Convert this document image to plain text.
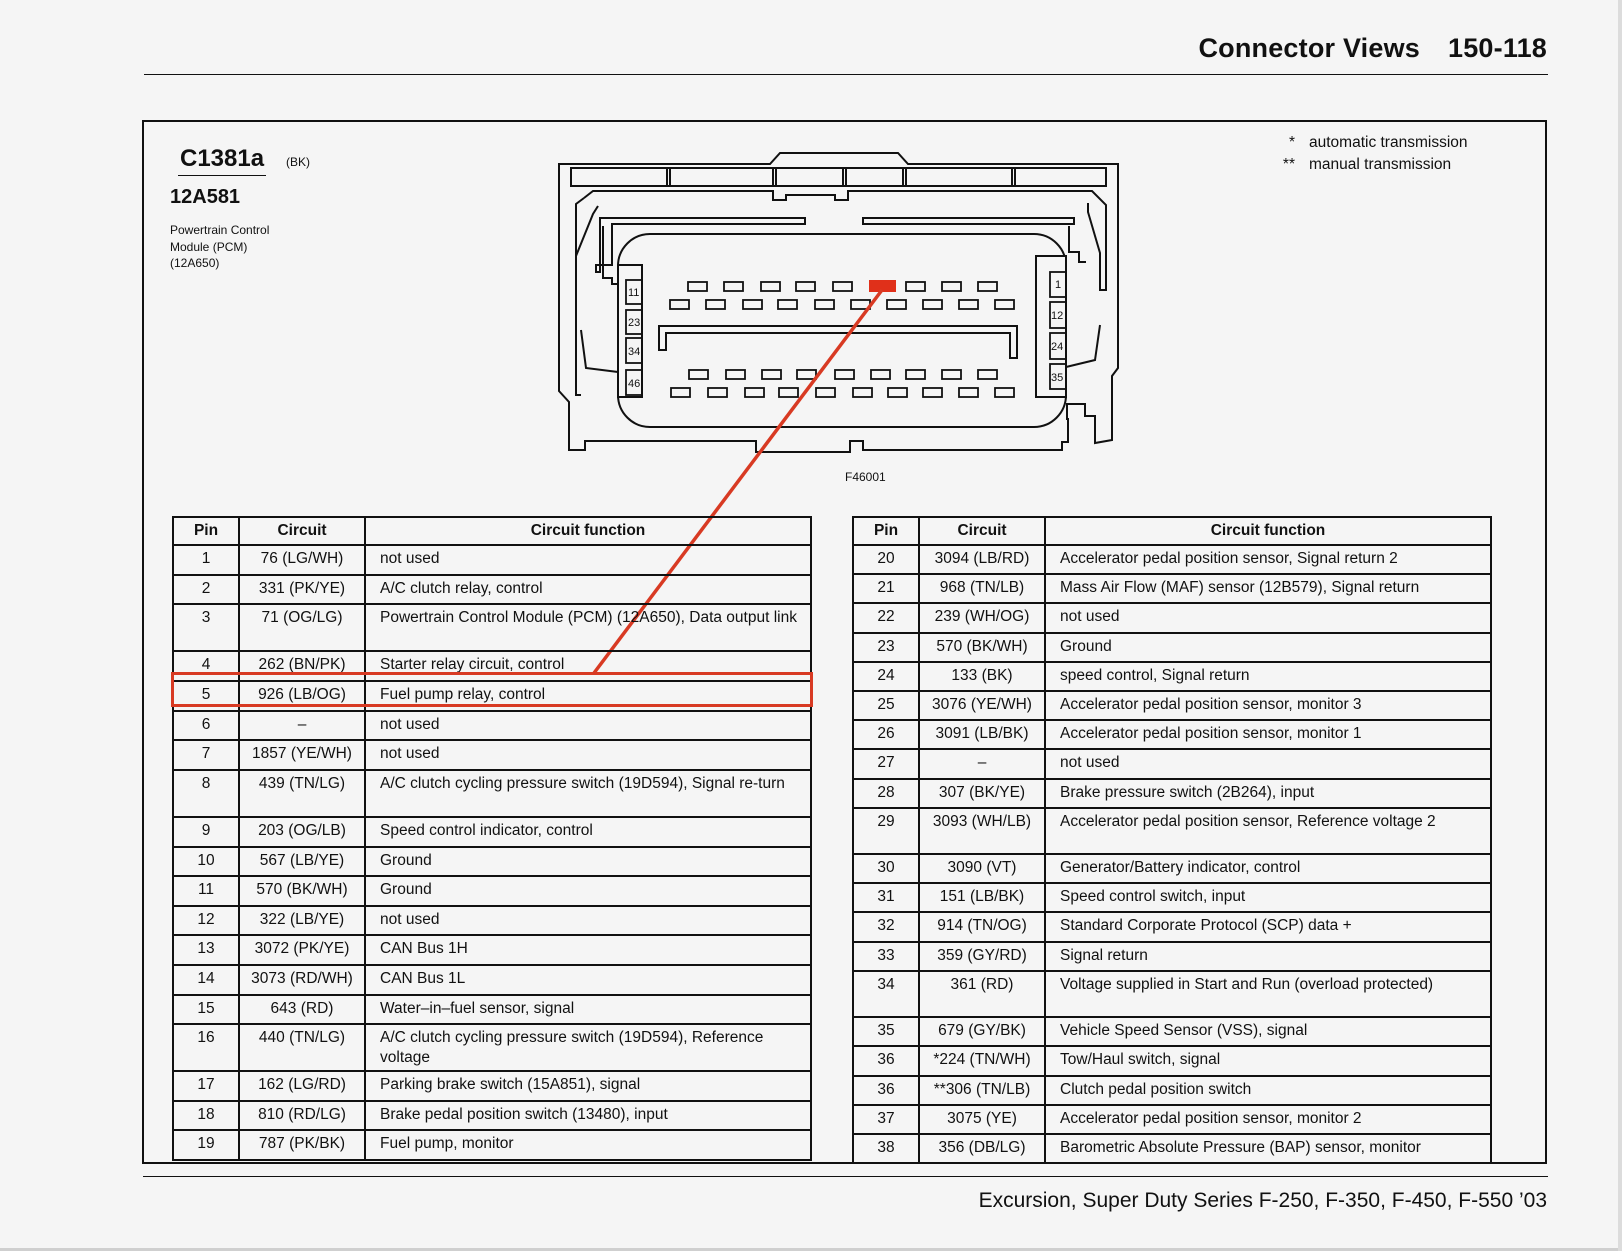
Connector Views 150-118
C1381a (BK)
12A581
Powertrain Control
Module (PCM)
(12A650)
* automatic transmission
** manual transmission
11
23
34
46
1
12
24
35
F46001
Pin	Circuit	Circuit function
1	76 (LG/WH)	not used
2	331 (PK/YE)	A/C clutch relay, control
3	71 (OG/LG)	Powertrain Control Module (PCM) (12A650), Data output link
4	262 (BN/PK)	Starter relay circuit, control
5	926 (LB/OG)	Fuel pump relay, control
6	–	not used
7	1857 (YE/WH)	not used
8	439 (TN/LG)	A/C clutch cycling pressure switch (19D594), Signal re-turn
9	203 (OG/LB)	Speed control indicator, control
10	567 (LB/YE)	Ground
11	570 (BK/WH)	Ground
12	322 (LB/YE)	not used
13	3072 (PK/YE)	CAN Bus 1H
14	3073 (RD/WH)	CAN Bus 1L
15	643 (RD)	Water–in–fuel sensor, signal
16	440 (TN/LG)	A/C clutch cycling pressure switch (19D594), Reference voltage
17	162 (LG/RD)	Parking brake switch (15A851), signal
18	810 (RD/LG)	Brake pedal position switch (13480), input
19	787 (PK/BK)	Fuel pump, monitor
Pin	Circuit	Circuit function
20	3094 (LB/RD)	Accelerator pedal position sensor, Signal return 2
21	968 (TN/LB)	Mass Air Flow (MAF) sensor (12B579), Signal return
22	239 (WH/OG)	not used
23	570 (BK/WH)	Ground
24	133 (BK)	speed control, Signal return
25	3076 (YE/WH)	Accelerator pedal position sensor, monitor 3
26	3091 (LB/BK)	Accelerator pedal position sensor, monitor 1
27	–	not used
28	307 (BK/YE)	Brake pressure switch (2B264), input
29	3093 (WH/LB)	Accelerator pedal position sensor, Reference voltage 2
30	3090 (VT)	Generator/Battery indicator, control
31	151 (LB/BK)	Speed control switch, input
32	914 (TN/OG)	Standard Corporate Protocol (SCP) data +
33	359 (GY/RD)	Signal return
34	361 (RD)	Voltage supplied in Start and Run (overload protected)
35	679 (GY/BK)	Vehicle Speed Sensor (VSS), signal
36	*224 (TN/WH)	Tow/Haul switch, signal
36	**306 (TN/LB)	Clutch pedal position switch
37	3075 (YE)	Accelerator pedal position sensor, monitor 2
38	356 (DB/LG)	Barometric Absolute Pressure (BAP) sensor, monitor
Excursion, Super Duty Series F-250, F-350, F-450, F-550 ’03
